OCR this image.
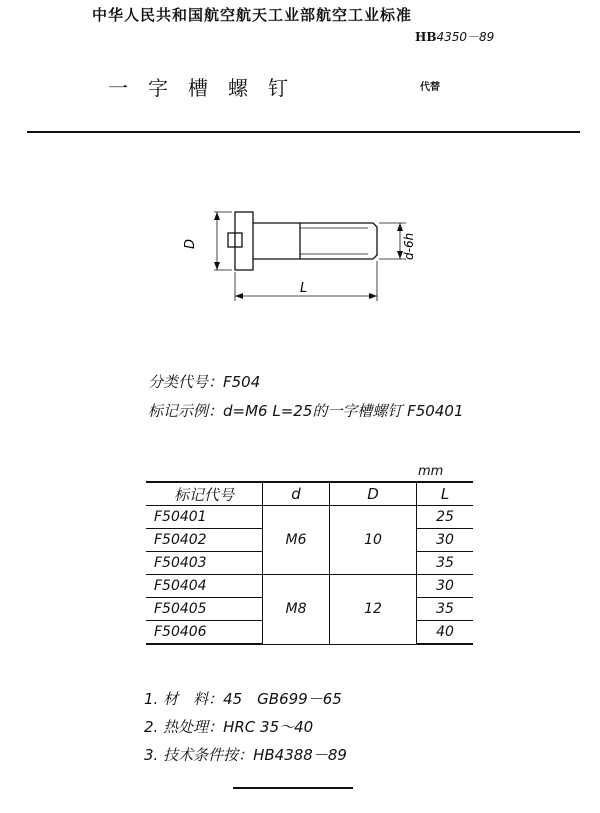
中华人民共和国航空航天工业部航空工业标准
HB4350－89
一字槽螺钉	代替
D	d-6h
L
分类代号：F504
标记示例：d=M6 L=25的一字槽螺钉 F50401
mm
标记代号	d	D	L
F50401	M6	10	25
F50402			30
F50403			35
F50404	M8	12	30
F50405			35
F50406			40
1. 材　料：45　GB699－65
2. 热处理：HRC 35～40
3. 技术条件按：HB4388－89
